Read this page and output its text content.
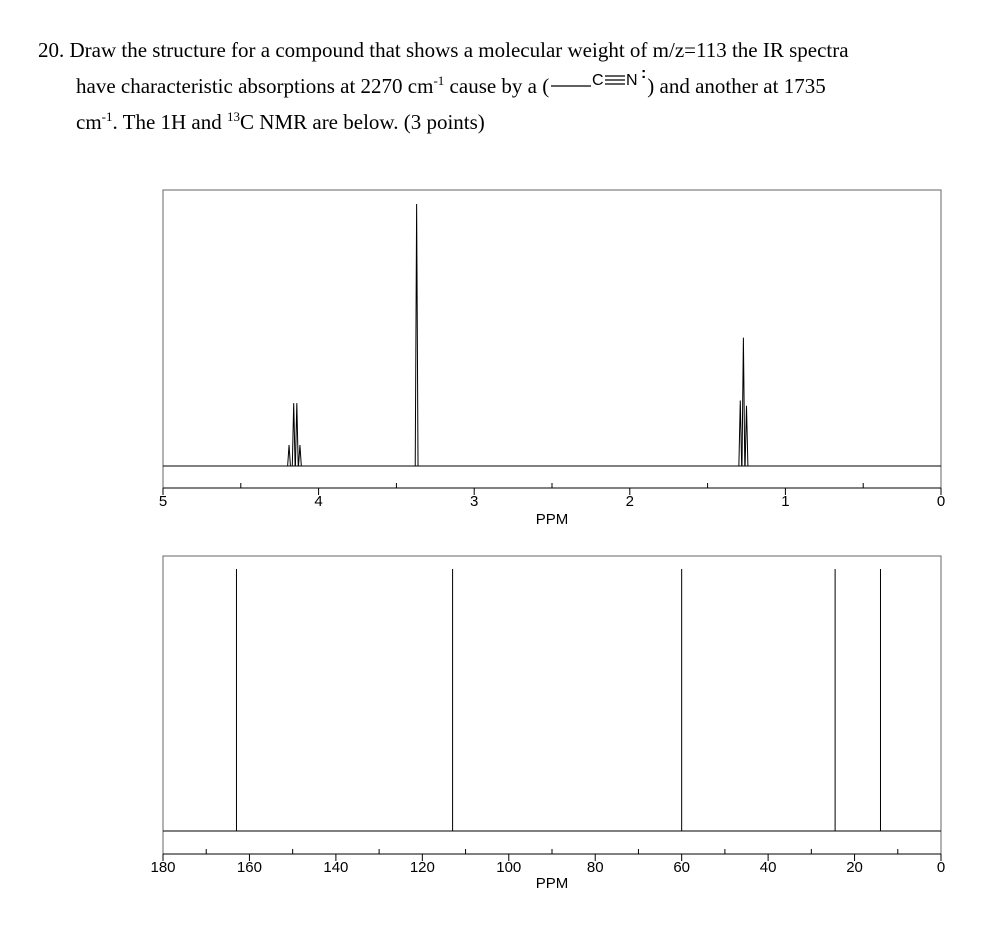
20. Draw the structure for a compound that shows a molecular weight of m/z=113 the IR spectra
have characteristic absorptions at 2270 $cm^{-1}$ cause by a (	C N :
) and another at 1735
$cm^{-1}$. The 1H and $^{13}$C NMR are below. (3 points)
5	4	3	2	1	0
PPM
180	160	140	120	100	80	60	40	20	0
PPM
